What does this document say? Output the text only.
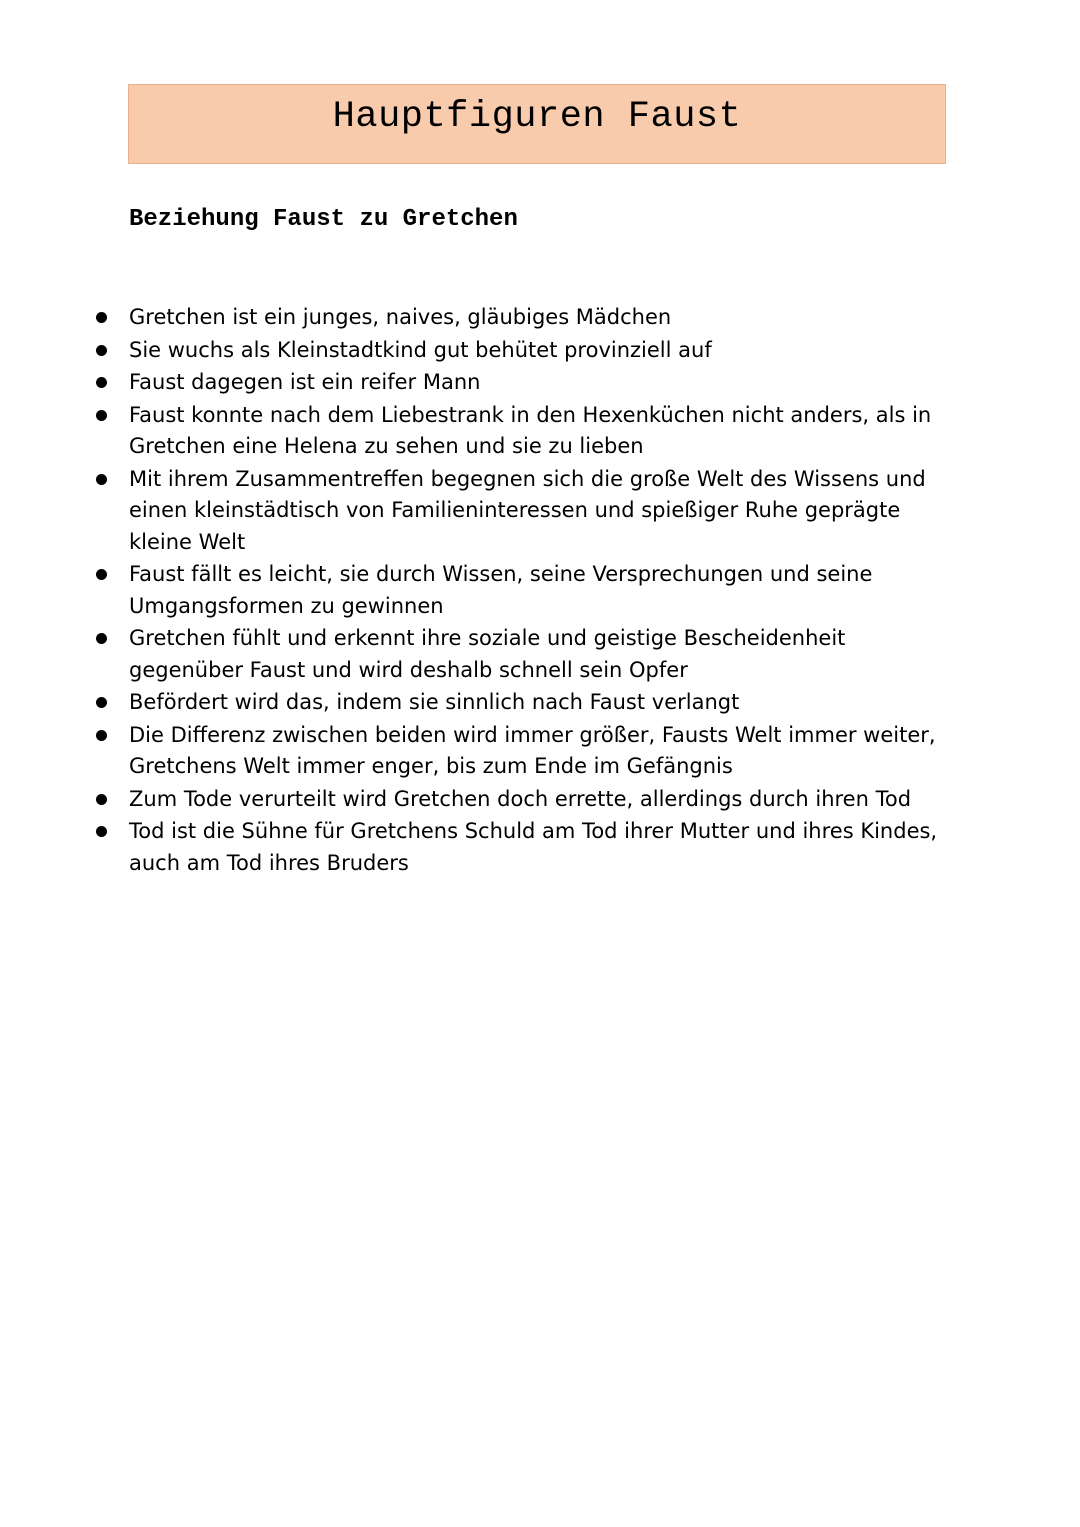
Hauptfiguren Faust
Beziehung Faust zu Gretchen
Gretchen ist ein junges, naives, gläubiges Mädchen
Sie wuchs als Kleinstadtkind gut behütet provinziell auf
Faust dagegen ist ein reifer Mann
Faust konnte nach dem Liebestrank in den Hexenküchen nicht anders, als in Gretchen eine Helena zu sehen und sie zu lieben
Mit ihrem Zusammentreffen begegnen sich die große Welt des Wissens und einen kleinstädtisch von Familieninteressen und spießiger Ruhe geprägte kleine Welt
Faust fällt es leicht, sie durch Wissen, seine Versprechungen und seine Umgangsformen zu gewinnen
Gretchen fühlt und erkennt ihre soziale und geistige Bescheidenheit gegenüber Faust und wird deshalb schnell sein Opfer
Befördert wird das, indem sie sinnlich nach Faust verlangt
Die Differenz zwischen beiden wird immer größer, Fausts Welt immer weiter, Gretchens Welt immer enger, bis zum Ende im Gefängnis
Zum Tode verurteilt wird Gretchen doch errette, allerdings durch ihren Tod
Tod ist die Sühne für Gretchens Schuld am Tod ihrer Mutter und ihres Kindes, auch am Tod ihres Bruders
